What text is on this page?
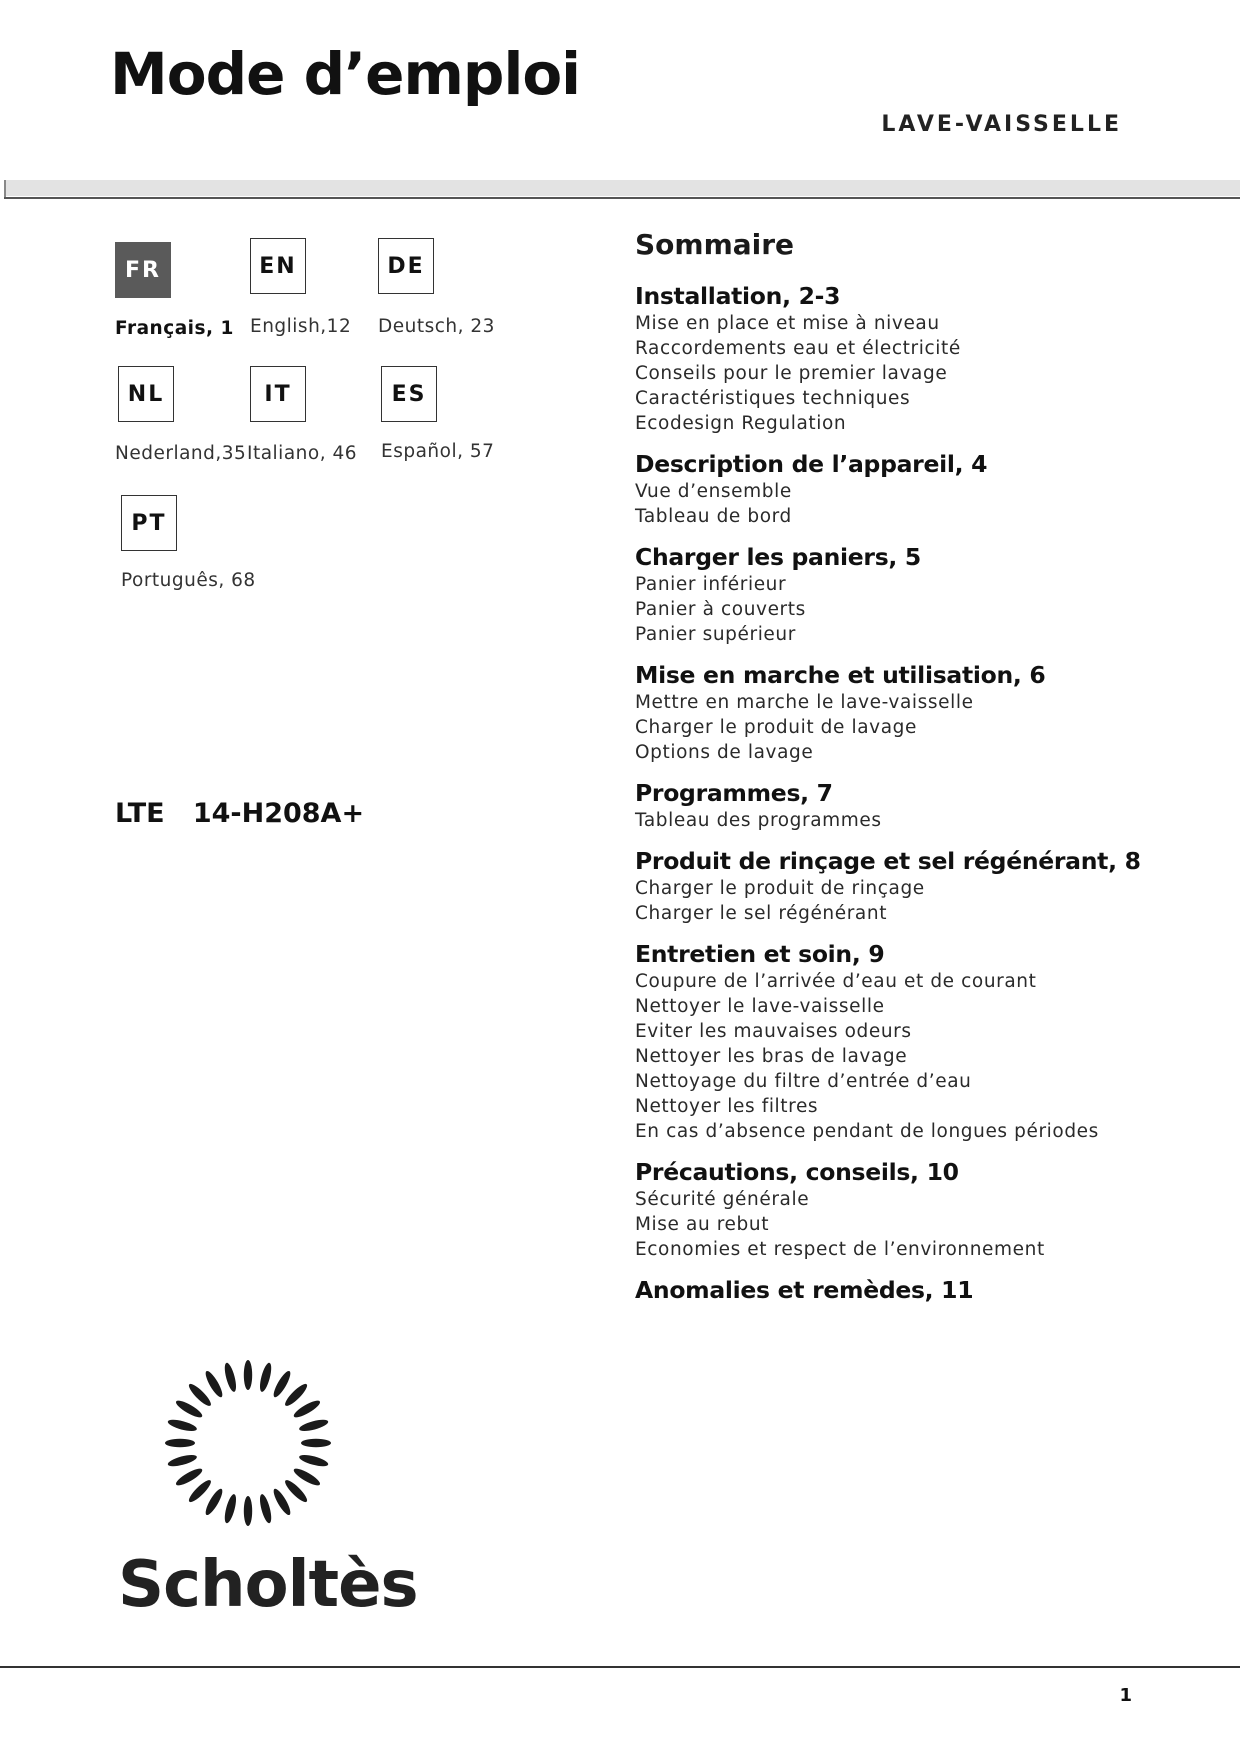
Mode d’emploi
LAVE-VAISSELLE
FR
Français, 1
EN
English,12
DE
Deutsch, 23
NL
Nederland,35
IT
Italiano, 46
ES
Español, 57
PT
Português, 68
LTE 14-H208A+
Sommaire
Installation, 2-3
Mise en place et mise à niveau
Raccordements eau et électricité
Conseils pour le premier lavage
Caractéristiques techniques
Ecodesign Regulation
Description de l’appareil, 4
Vue d’ensemble
Tableau de bord
Charger les paniers, 5
Panier inférieur
Panier à couverts
Panier supérieur
Mise en marche et utilisation, 6
Mettre en marche le lave-vaisselle
Charger le produit de lavage
Options de lavage
Programmes, 7
Tableau des programmes
Produit de rinçage et sel régénérant, 8
Charger le produit de rinçage
Charger le sel régénérant
Entretien et soin, 9
Coupure de l’arrivée d’eau et de courant
Nettoyer le lave-vaisselle
Eviter les mauvaises odeurs
Nettoyer les bras de lavage
Nettoyage du filtre d’entrée d’eau
Nettoyer les filtres
En cas d’absence pendant de longues périodes
Précautions, conseils, 10
Sécurité générale
Mise au rebut
Economies et respect de l’environnement
Anomalies et remèdes, 11
Scholtès
1
